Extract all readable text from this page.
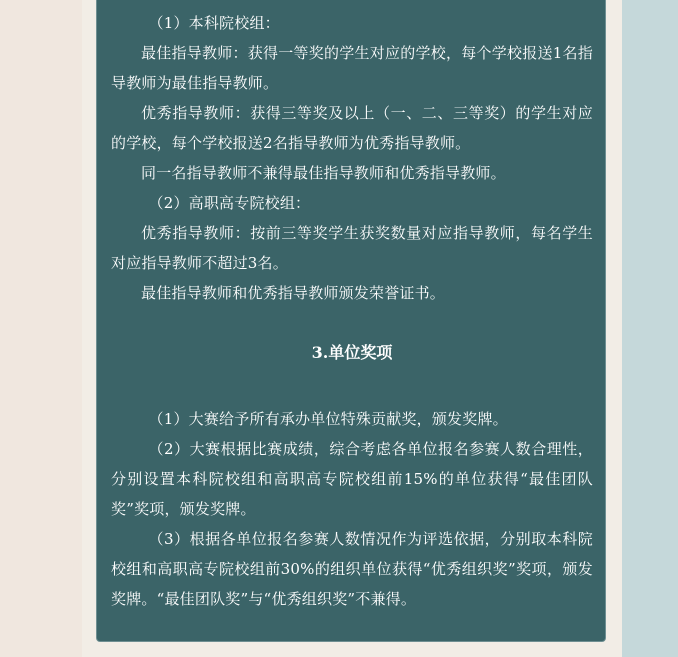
（1）本科院校组：

最佳指导教师：获得一等奖的学生对应的学校，每个学校报送1名指导教师为最佳指导教师。

优秀指导教师：获得三等奖及以上（一、二、三等奖）的学生对应的学校，每个学校报送2名指导教师为优秀指导教师。

同一名指导教师不兼得最佳指导教师和优秀指导教师。

（2）高职高专院校组：

优秀指导教师：按前三等奖学生获奖数量对应指导教师，每名学生对应指导教师不超过3名。

最佳指导教师和优秀指导教师颁发荣誉证书。

3.单位奖项

（1）大赛给予所有承办单位特殊贡献奖，颁发奖牌。

（2）大赛根据比赛成绩，综合考虑各单位报名参赛人数合理性，分别设置本科院校组和高职高专院校组前15%的单位获得“最佳团队奖”奖项，颁发奖牌。

（3）根据各单位报名参赛人数情况作为评选依据，分别取本科院校组和高职高专院校组前30%的组织单位获得“优秀组织奖”奖项，颁发奖牌。“最佳团队奖”与“优秀组织奖”不兼得。
